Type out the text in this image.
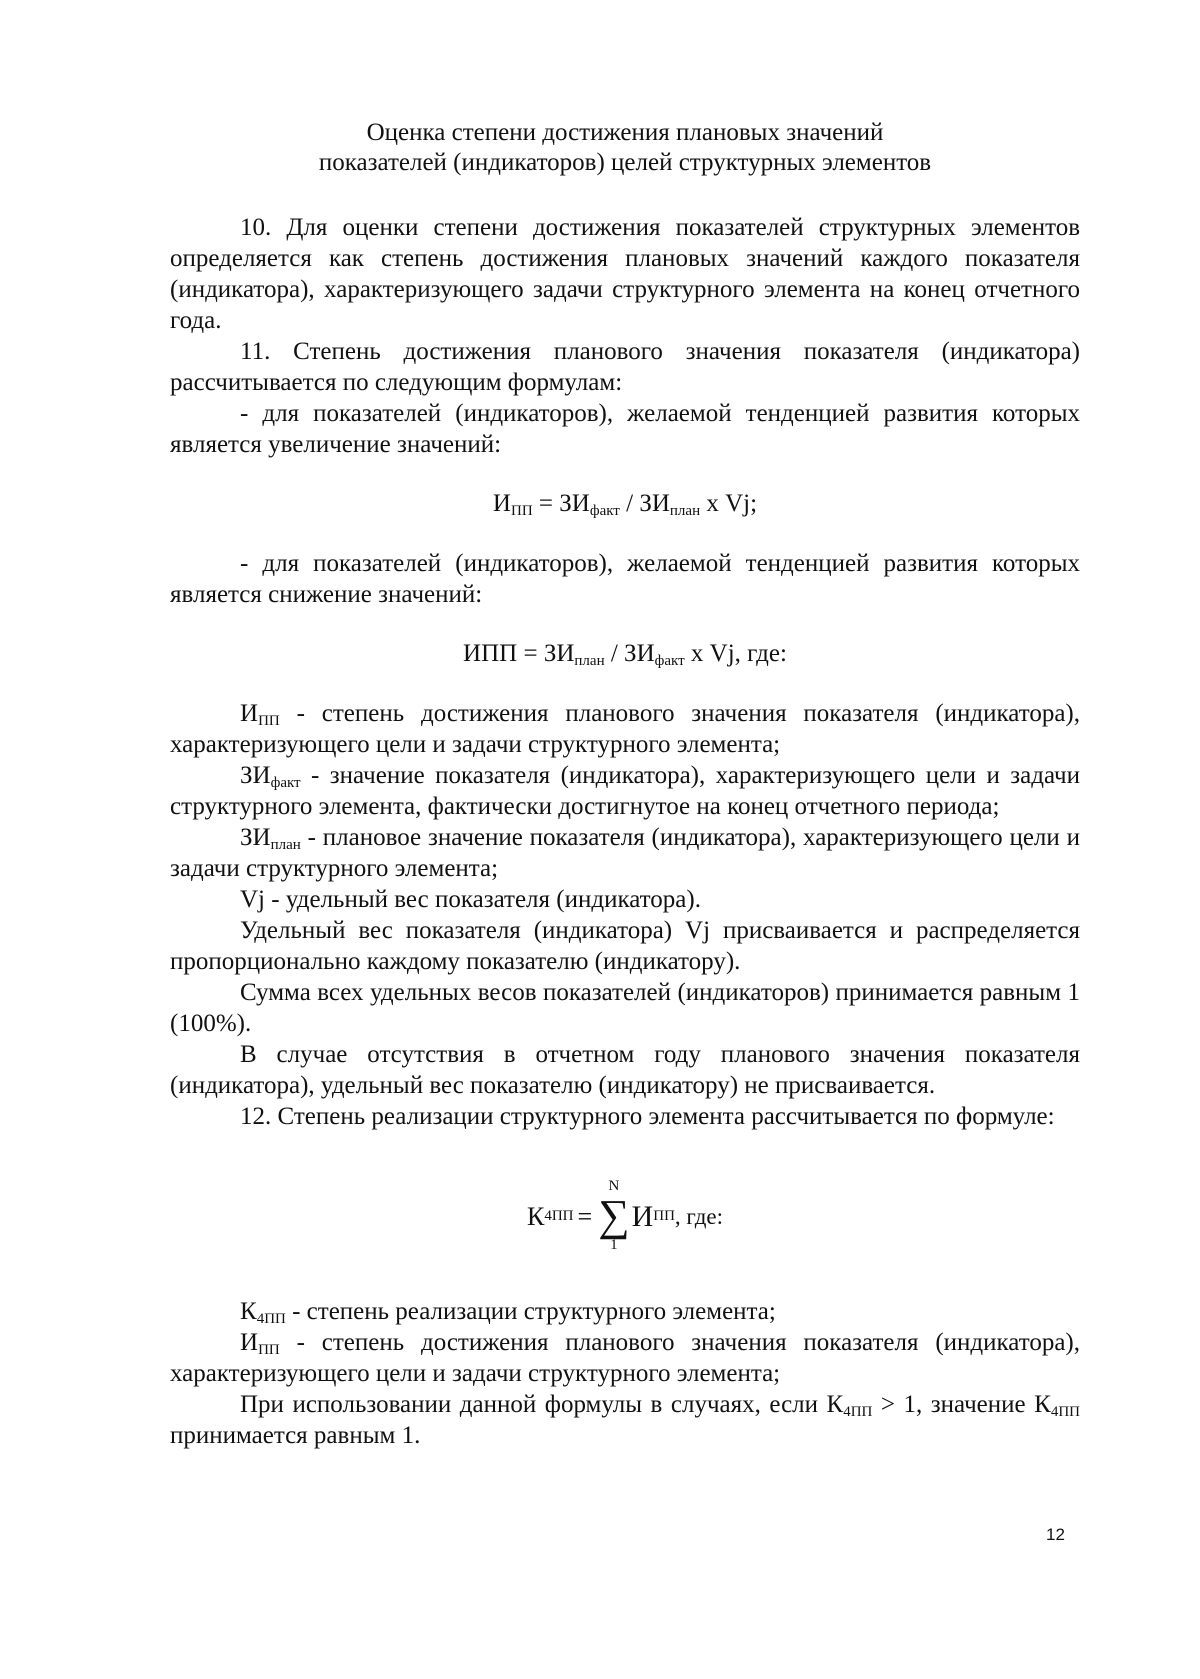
Оценка степени достижения плановых значений
показателей (индикаторов) целей структурных элементов

10. Для оценки степени достижения показателей структурных элементов определяется как степень достижения плановых значений каждого показателя (индикатора), характеризующего задачи структурного элемента на конец отчетного года.

11. Степень достижения планового значения показателя (индикатора) рассчитывается по следующим формулам:

- для показателей (индикаторов), желаемой тенденцией развития которых является увеличение значений:

$И_{ПП} = ЗИ_{факт} / ЗИ_{план}$ х Vj;

- для показателей (индикаторов), желаемой тенденцией развития которых является снижение значений:

ИПП = $ЗИ_{план} / ЗИ_{факт}$ х Vj, где:

$И_{ПП}$ - степень достижения планового значения показателя (индикатора), характеризующего цели и задачи структурного элемента;

$ЗИ_{факт}$ - значение показателя (индикатора), характеризующего цели и задачи структурного элемента, фактически достигнутое на конец отчетного периода;

$ЗИ_{план}$ - плановое значение показателя (индикатора), характеризующего цели и задачи структурного элемента;

Vj - удельный вес показателя (индикатора).

Удельный вес показателя (индикатора) Vj присваивается и распределяется пропорционально каждому показателю (индикатору).

Сумма всех удельных весов показателей (индикаторов) принимается равным 1 (100%).

В случае отсутствия в отчетном году планового значения показателя (индикатора), удельный вес показателю (индикатору) не присваивается.

12. Степень реализации структурного элемента рассчитывается по формуле:

К 4ПП =
N
∑
1
И ПП , где:

$К_{4ПП}$ - степень реализации структурного элемента;

$И_{ПП}$ - степень достижения планового значения показателя (индикатора), характеризующего цели и задачи структурного элемента;

При использовании данной формулы в случаях, если $К_{4ПП} > 1$, значение $К_{4ПП}$ принимается равным 1.

12
